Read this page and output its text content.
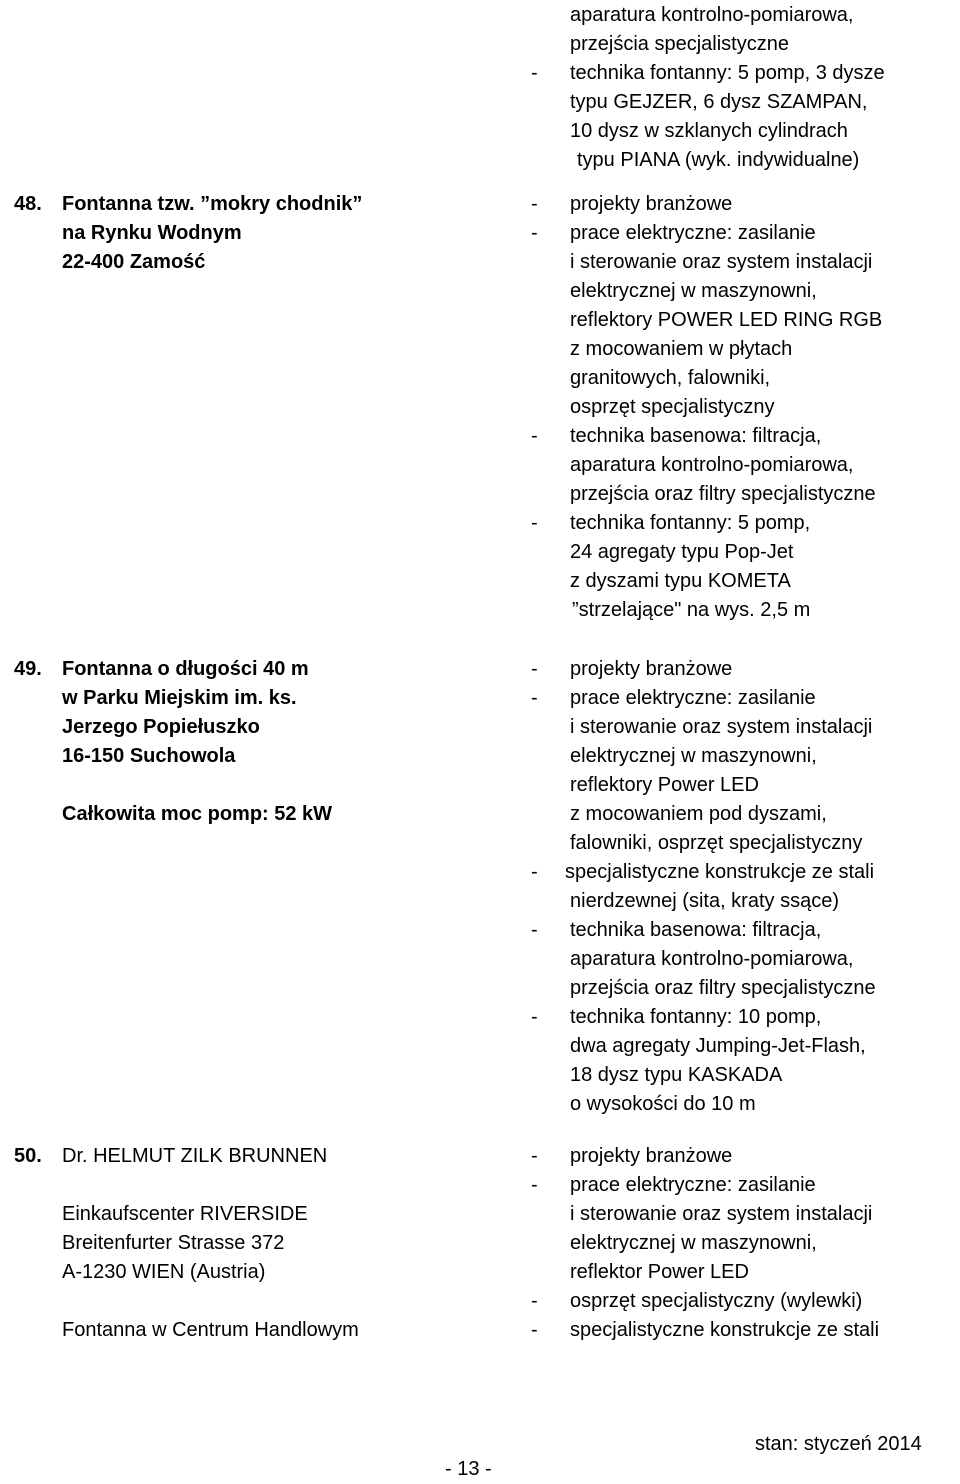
aparatura kontrolno-pomiarowa,
przejścia specjalistyczne
- technika fontanny: 5 pomp, 3 dysze
typu GEJZER, 6 dysz SZAMPAN,
10 dysz w szklanych cylindrach
typu PIANA (wyk. indywidualne)
48. Fontanna tzw. ”mokry chodnik”
na Rynku Wodnym
22-400 Zamość
- projekty branżowe
- prace elektryczne: zasilanie
i sterowanie oraz system instalacji
elektrycznej w maszynowni,
reflektory POWER LED RING RGB
z mocowaniem w płytach
granitowych, falowniki,
osprzęt specjalistyczny
- technika basenowa: filtracja,
aparatura kontrolno-pomiarowa,
przejścia oraz filtry specjalistyczne
- technika fontanny: 5 pomp,
24 agregaty typu Pop-Jet
z dyszami typu KOMETA
”strzelające" na wys. 2,5 m
49. Fontanna o długości 40 m
w Parku Miejskim im. ks.
Jerzego Popiełuszko
16-150 Suchowola
Całkowita moc pomp: 52 kW
- projekty branżowe
- prace elektryczne: zasilanie
i sterowanie oraz system instalacji
elektrycznej w maszynowni,
reflektory Power LED
z mocowaniem pod dyszami,
falowniki, osprzęt specjalistyczny
- specjalistyczne konstrukcje ze stali
nierdzewnej (sita, kraty ssące)
- technika basenowa: filtracja,
aparatura kontrolno-pomiarowa,
przejścia oraz filtry specjalistyczne
- technika fontanny: 10 pomp,
dwa agregaty Jumping-Jet-Flash,
18 dysz typu KASKADA
o wysokości do 10 m
50. Dr. HELMUT ZILK BRUNNEN
Einkaufscenter RIVERSIDE
Breitenfurter Strasse 372
A-1230 WIEN (Austria)
Fontanna w Centrum Handlowym
- projekty branżowe
- prace elektryczne: zasilanie
i sterowanie oraz system instalacji
elektrycznej w maszynowni,
reflektor Power LED
- osprzęt specjalistyczny (wylewki)
- specjalistyczne konstrukcje ze stali
stan: styczeń 2014
- 13 -
